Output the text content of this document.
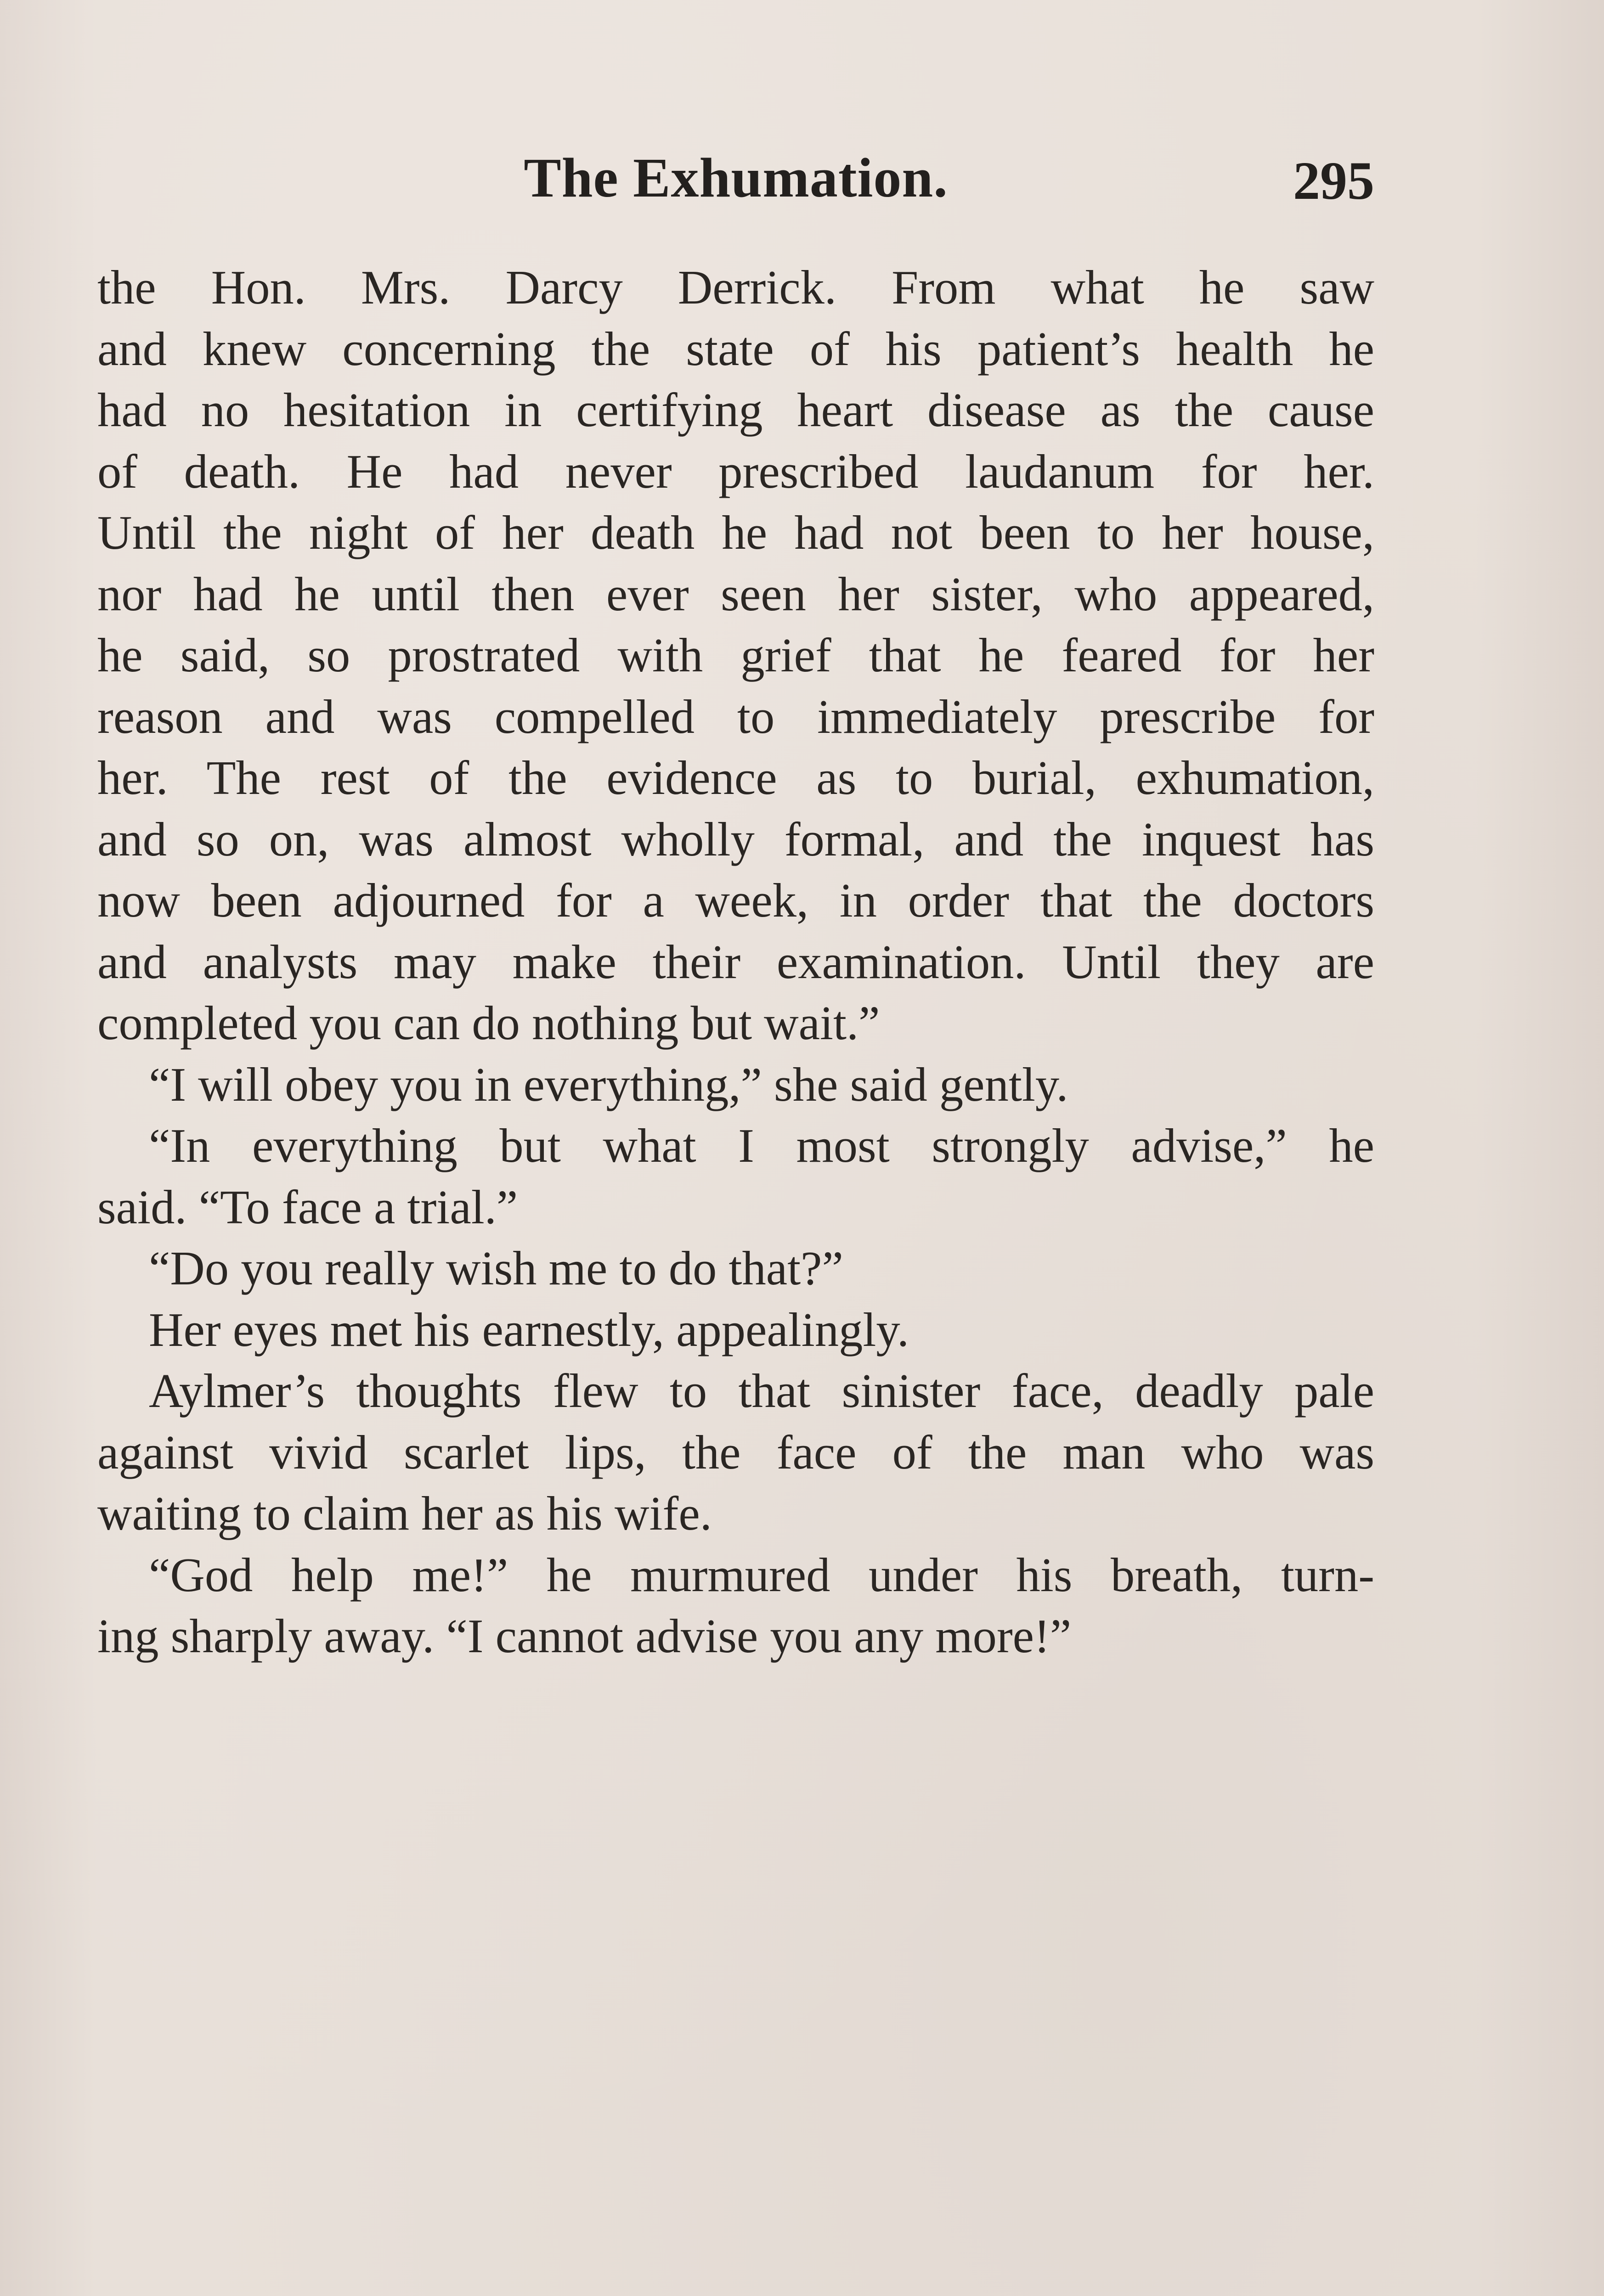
The Exhumation.	295
the Hon. Mrs. Darcy Derrick. From what he saw
and knew concerning the state of his patient’s health he
had no hesitation in certifying heart disease as the cause
of death. He had never prescribed laudanum for her.
Until the night of her death he had not been to her house,
nor had he until then ever seen her sister, who appeared,
he said, so prostrated with grief that he feared for her
reason and was compelled to immediately prescribe for
her. The rest of the evidence as to burial, exhumation,
and so on, was almost wholly formal, and the inquest has
now been adjourned for a week, in order that the doctors
and analysts may make their examination. Until they are
completed you can do nothing but wait.”
“I will obey you in everything,” she said gently.
“In everything but what I most strongly advise,” he
said. “To face a trial.”
“Do you really wish me to do that?”
Her eyes met his earnestly, appealingly.
Aylmer’s thoughts flew to that sinister face, deadly pale
against vivid scarlet lips, the face of the man who was
waiting to claim her as his wife.
“God help me!” he murmured under his breath, turn-
ing sharply away. “I cannot advise you any more!”
